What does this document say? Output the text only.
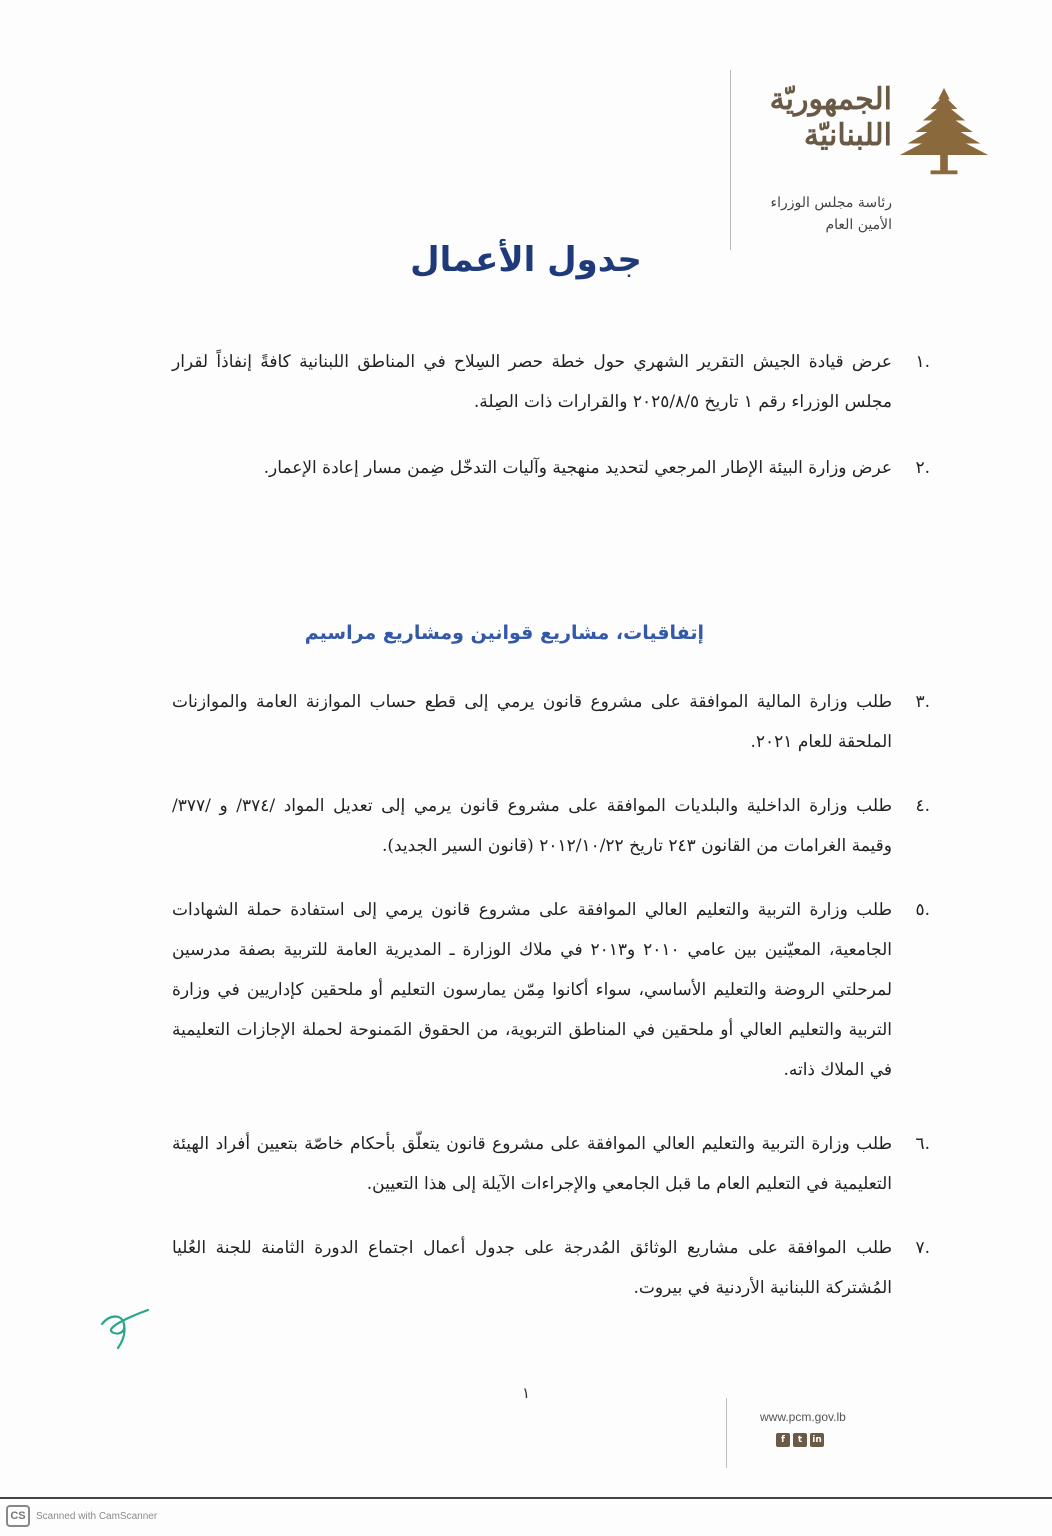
الجمهوريّة
اللبنانيّة
رئاسة مجلس الوزراء
الأمين العام
جدول الأعمال
.١
عرض قيادة الجيش التقرير الشهري حول خطة حصر السِلاح في المناطق اللبنانية كافةً إنفاذاً لقرار مجلس الوزراء رقم ١ تاريخ ٢٠٢٥/٨/٥ والقرارات ذات الصِلة.
.٢
عرض وزارة البيئة الإطار المرجعي لتحديد منهجية وآليات التدخّل ضِمن مسار إعادة الإعمار.
إتفاقيات، مشاريع قوانين ومشاريع مراسيم
.٣
طلب وزارة المالية الموافقة على مشروع قانون يرمي إلى قطع حساب الموازنة العامة والموازنات الملحقة للعام ٢٠٢١.
.٤
طلب وزارة الداخلية والبلديات الموافقة على مشروع قانون يرمي إلى تعديل المواد /٣٧٤/ و /٣٧٧/ وقيمة الغرامات من القانون ٢٤٣ تاريخ ٢٠١٢/١٠/٢٢ (قانون السير الجديد).
.٥
طلب وزارة التربية والتعليم العالي الموافقة على مشروع قانون يرمي إلى استفادة حملة الشهادات الجامعية، المعيّنين بين عامي ٢٠١٠ و٢٠١٣ في ملاك الوزارة ـ المديرية العامة للتربية بصفة مدرسين لمرحلتي الروضة والتعليم الأساسي، سواء أكانوا مِمّن يمارسون التعليم أو ملحقين كإداريين في وزارة التربية والتعليم العالي أو ملحقين في المناطق التربوية، من الحقوق المَمنوحة لحملة الإجازات التعليمية في الملاك ذاته.
.٦
طلب وزارة التربية والتعليم العالي الموافقة على مشروع قانون يتعلّق بأحكام خاصّة بتعيين أفراد الهيئة التعليمية في التعليم العام ما قبل الجامعي والإجراءات الآيلة إلى هذا التعيين.
.٧
طلب الموافقة على مشاريع الوثائق المُدرجة على جدول أعمال اجتماع الدورة الثامنة للجنة العُليا المُشتركة اللبنانية الأردنية في بيروت.
١
www.pcm.gov.lb
f	t	in
CS	Scanned with CamScanner
